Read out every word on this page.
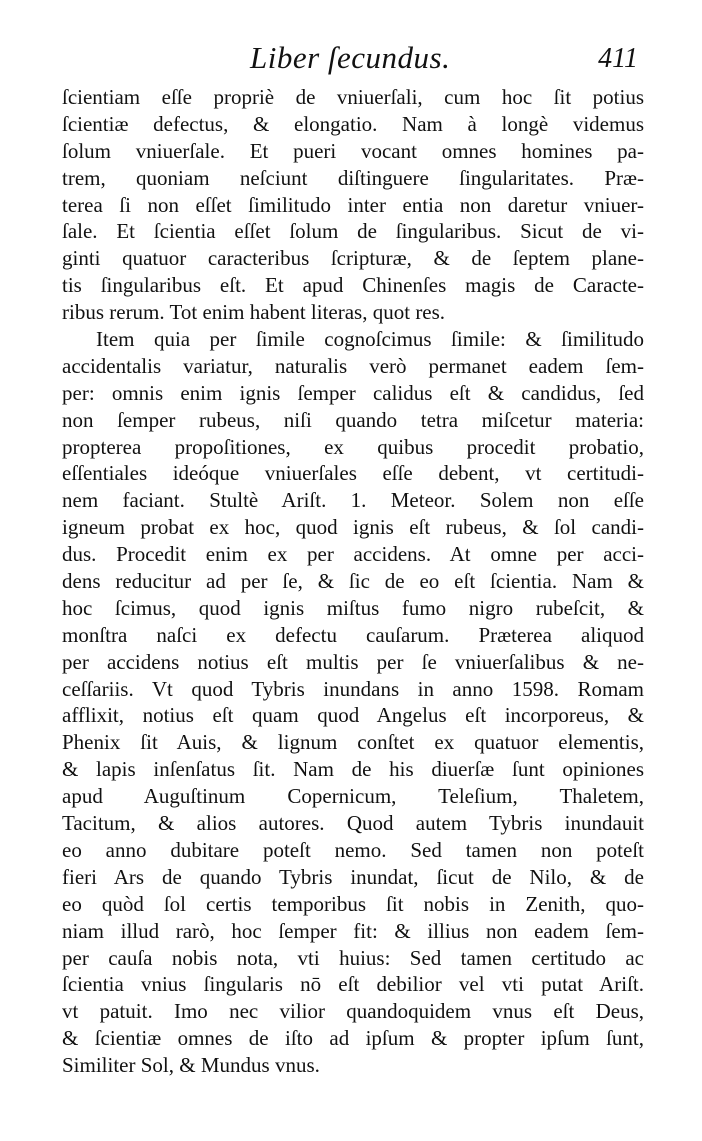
Liber ſecundus.	411
ſcientiam eſſe propriè de vniuerſali, cum hoc ſit potius
ſcientiæ defectus, & elongatio. Nam à longè videmus
ſolum vniuerſale. Et pueri vocant omnes homines pa-
trem, quoniam neſciunt diſtinguere ſingularitates. Præ-
terea ſi non eſſet ſimilitudo inter entia non daretur vniuer-
ſale. Et ſcientia eſſet ſolum de ſingularibus. Sicut de vi-
ginti quatuor caracteribus ſcripturæ, & de ſeptem plane-
tis ſingularibus eſt. Et apud Chinenſes magis de Caracte-
ribus rerum. Tot enim habent literas, quot res.
Item quia per ſimile cognoſcimus ſimile: & ſimilitudo
accidentalis variatur, naturalis verò permanet eadem ſem-
per: omnis enim ignis ſemper calidus eſt & candidus, ſed
non ſemper rubeus, niſi quando tetra miſcetur materia:
propterea propoſitiones, ex quibus procedit probatio,
eſſentiales ideóque vniuerſales eſſe debent, vt certitudi-
nem faciant. Stultè Ariſt. 1. Meteor. Solem non eſſe
igneum probat ex hoc, quod ignis eſt rubeus, & ſol candi-
dus. Procedit enim ex per accidens. At omne per acci-
dens reducitur ad per ſe, & ſic de eo eſt ſcientia. Nam &
hoc ſcimus, quod ignis miſtus fumo nigro rubeſcit, &
monſtra naſci ex defectu cauſarum. Præterea aliquod
per accidens notius eſt multis per ſe vniuerſalibus & ne-
ceſſariis. Vt quod Tybris inundans in anno 1598. Romam
afflixit, notius eſt quam quod Angelus eſt incorporeus, &
Phenix ſit Auis, & lignum conſtet ex quatuor elementis,
& lapis inſenſatus ſit. Nam de his diuerſæ ſunt opiniones
apud Auguſtinum Copernicum, Teleſium, Thaletem,
Tacitum, & alios autores. Quod autem Tybris inundauit
eo anno dubitare poteſt nemo. Sed tamen non poteſt
fieri Ars de quando Tybris inundat, ſicut de Nilo, & de
eo quòd ſol certis temporibus ſit nobis in Zenith, quo-
niam illud rarò, hoc ſemper fit: & illius non eadem ſem-
per cauſa nobis nota, vti huius: Sed tamen certitudo ac
ſcientia vnius ſingularis nō eſt debilior vel vti putat Ariſt.
vt patuit. Imo nec vilior quandoquidem vnus eſt Deus,
& ſcientiæ omnes de iſto ad ipſum & propter ipſum ſunt,
Similiter Sol, & Mundus vnus.
